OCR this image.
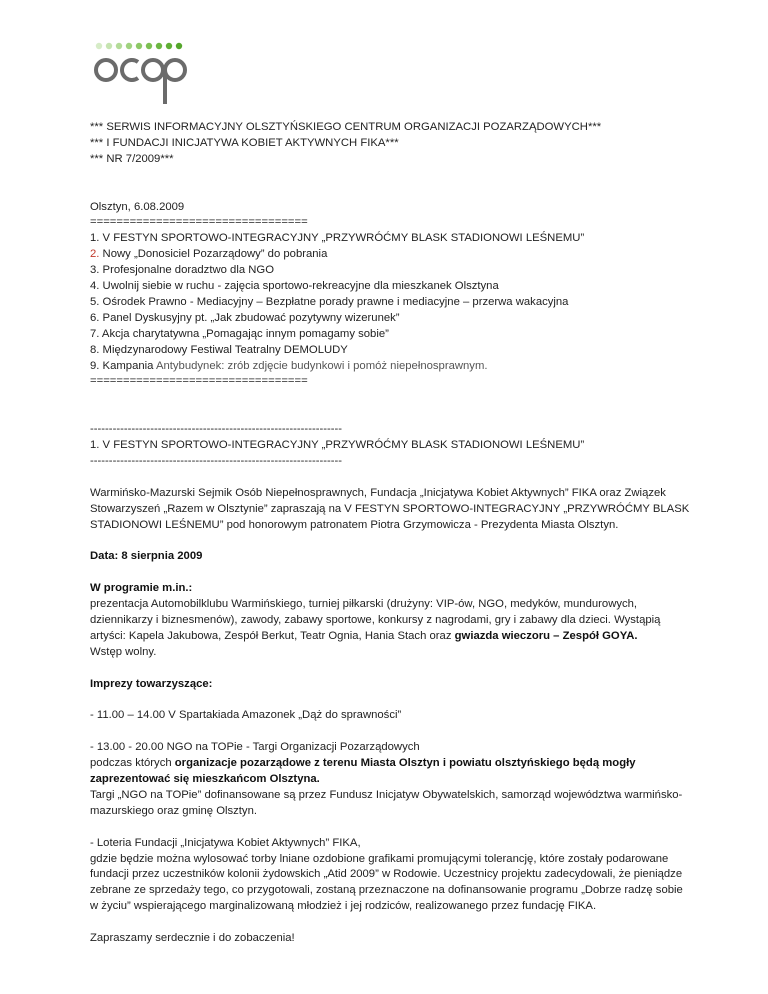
*** SERWIS INFORMACYJNY OLSZTYŃSKIEGO CENTRUM ORGANIZACJI POZARZĄDOWYCH***

*** I FUNDACJI INICJATYWA KOBIET AKTYWNYCH FIKA***

*** NR 7/2009***

Olsztyn, 6.08.2009

=================================

1. V FESTYN SPORTOWO-INTEGRACYJNY „PRZYWRÓĆMY BLASK STADIONOWI LEŚNEMU”

2. Nowy „Donosiciel Pozarządowy” do pobrania

3. Profesjonalne doradztwo dla NGO

4. Uwolnij siebie w ruchu - zajęcia sportowo-rekreacyjne dla mieszkanek Olsztyna

5. Ośrodek Prawno - Mediacyjny – Bezpłatne porady prawne i mediacyjne – przerwa wakacyjna

6. Panel Dyskusyjny pt. „Jak zbudować pozytywny wizerunek”

7. Akcja charytatywna „Pomagając innym pomagamy sobie”

8. Międzynarodowy Festiwal Teatralny DEMOLUDY

9. Kampania Antybudynek: zrób zdjęcie budynkowi i pomóż niepełnosprawnym.

=================================

-------------------------------------------------------------------

1. V FESTYN SPORTOWO-INTEGRACYJNY „PRZYWRÓĆMY BLASK STADIONOWI LEŚNEMU”

-------------------------------------------------------------------

Warmińsko-Mazurski Sejmik Osób Niepełnosprawnych, Fundacja „Inicjatywa Kobiet Aktywnych” FIKA oraz Związek Stowarzyszeń „Razem w Olsztynie” zapraszają na V FESTYN SPORTOWO-INTEGRACYJNY „PRZYWRÓĆMY BLASK STADIONOWI LEŚNEMU” pod honorowym patronatem Piotra Grzymowicza - Prezydenta Miasta Olsztyn.

Data: 8 sierpnia 2009

W programie m.in.:

prezentacja Automobilklubu Warmińskiego, turniej piłkarski (drużyny: VIP-ów, NGO, medyków, mundurowych, dziennikarzy i biznesmenów), zawody, zabawy sportowe, konkursy z nagrodami, gry i zabawy dla dzieci. Wystąpią artyści: Kapela Jakubowa, Zespół Berkut, Teatr Ognia, Hania Stach oraz gwiazda wieczoru – Zespół GOYA.

Wstęp wolny.

Imprezy towarzyszące:

- 11.00 – 14.00 V Spartakiada Amazonek „Dąż do sprawności”

- 13.00 - 20.00 NGO na TOPie - Targi Organizacji Pozarządowych

podczas których organizacje pozarządowe z terenu Miasta Olsztyn i powiatu olsztyńskiego będą mogły zaprezentować się mieszkańcom Olsztyna.

Targi „NGO na TOPie” dofinansowane są przez Fundusz Inicjatyw Obywatelskich, samorząd województwa warmińsko-mazurskiego oraz gminę Olsztyn.

- Loteria Fundacji „Inicjatywa Kobiet Aktywnych” FIKA,

gdzie będzie można wylosować torby lniane ozdobione grafikami promującymi tolerancję, które zostały podarowane fundacji przez uczestników kolonii żydowskich „Atid 2009” w Rodowie. Uczestnicy projektu zadecydowali, że pieniądze zebrane ze sprzedaży tego, co przygotowali, zostaną przeznaczone na dofinansowanie programu „Dobrze radzę sobie w życiu” wspierającego marginalizowaną młodzież i jej rodziców, realizowanego przez fundację FIKA.

Zapraszamy serdecznie i do zobaczenia!
